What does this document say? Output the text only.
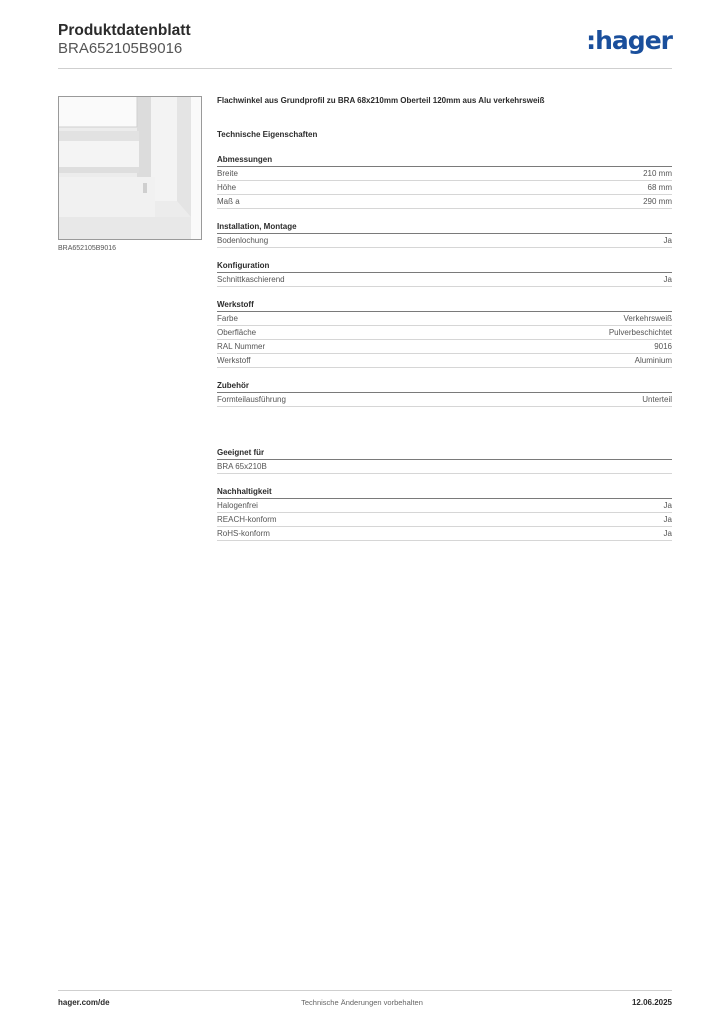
Produktdatenblatt
BRA652105B9016	:hager
BRA652105B9016

Flachwinkel aus Grundprofil zu BRA 68x210mm Oberteil 120mm aus Alu verkehrsweiß

Technische Eigenschaften
Abmessungen
Breite	210 mm
Höhe	68 mm
Maß a	290 mm
Installation, Montage
Bodenlochung	Ja
Konfiguration
Schnittkaschierend	Ja
Werkstoff
Farbe	Verkehrsweiß
Oberfläche	Pulverbeschichtet
RAL Nummer	9016
Werkstoff	Aluminium
Zubehör
Formteilausführung	Unterteil
Geeignet für
BRA 65x210B
Nachhaltigkeit
Halogenfrei	Ja
REACH-konform	Ja
RoHS-konform	Ja
hager.com/de	Technische Änderungen vorbehalten	12.06.2025
